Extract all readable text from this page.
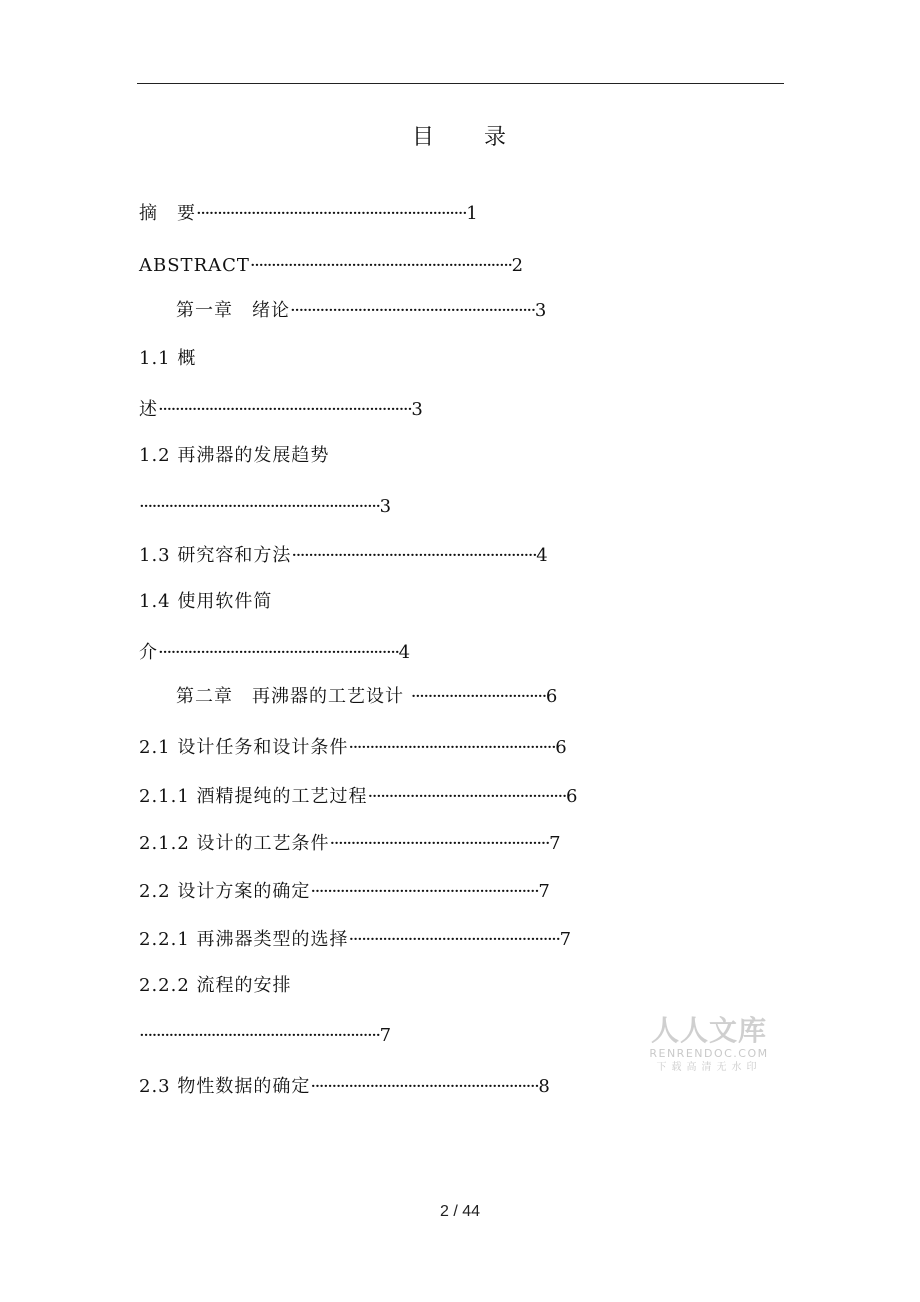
目 录
摘　要································································1
ABSTRACT······························································2
第一章　绪论··························································3
1.1 概
述····························································3
1.2 再沸器的发展趋势
·························································3
1.3 研究容和方法··························································4
1.4 使用软件简
介·························································4
第二章　再沸器的工艺设计 ································6
2.1 设计任务和设计条件·················································6
2.1.1 酒精提纯的工艺过程···············································6
2.1.2 设计的工艺条件····················································7
2.2 设计方案的确定······················································7
2.2.1 再沸器类型的选择··················································7
2.2.2 流程的安排
·························································7
2.3 物性数据的确定······················································8
人人文库
RENRENDOC.COM
下载高清无水印
2 / 44
